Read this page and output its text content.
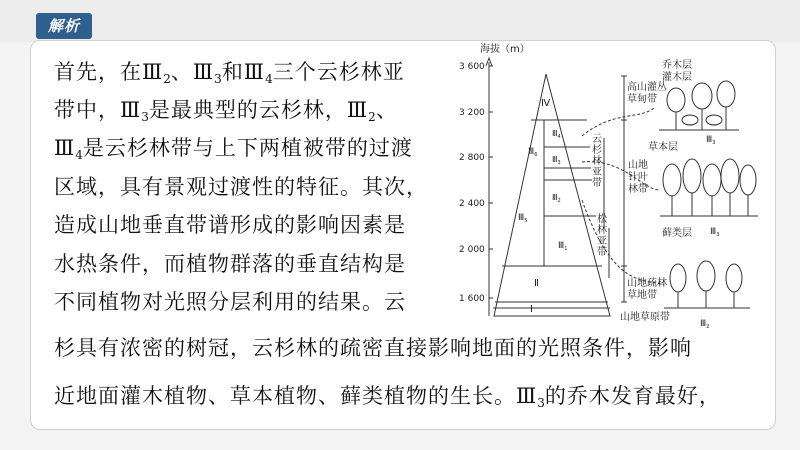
解析
首先，在$Ⅲ_2$、$Ⅲ_3$和$Ⅲ_4$三个云杉林亚
带中，$Ⅲ_3$是最典型的云杉林，$Ⅲ_2$、
$Ⅲ_4$是云杉林带与上下两植被带的过渡
区域，具有景观过渡性的特征。其次，
造成山地垂直带谱形成的影响因素是
水热条件，而植物群落的垂直结构是
不同植物对光照分层利用的结果。云
杉具有浓密的树冠，云杉林的疏密直接影响地面的光照条件，影响
近地面灌木植物、草本植物、藓类植物的生长。$Ⅲ_3$的乔木发育最好，
海拔（m）
3 600
3 200
2 800
2 400
2 000
1 600
Ⅳ
$Ⅲ_4$
$Ⅲ_6$ $Ⅲ_3$
$Ⅲ_2$
$Ⅲ_5$
$Ⅲ_1$
Ⅱ
Ⅰ
云杉林亚带
松林亚带
高山灌丛
草甸带
山地
针叶
林带
山地疏林
草地带
山地草原带
乔木层
灌木层
草本层
$Ⅲ_3$
藓类层 $Ⅲ_3$
$Ⅲ_2$
